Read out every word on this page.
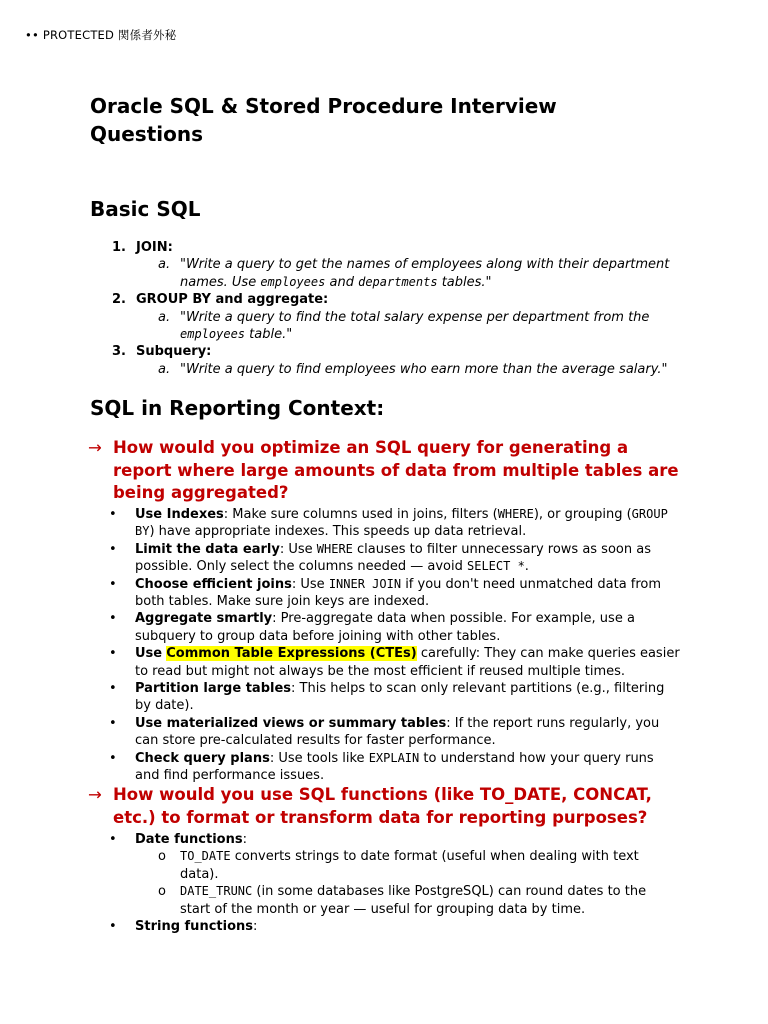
•• PROTECTED 関係者外秘
Oracle SQL & Stored Procedure Interview Questions
Basic SQL
1. JOIN:
a. "Write a query to get the names of employees along with their department names. Use employees and departments tables."
2. GROUP BY and aggregate:
a. "Write a query to find the total salary expense per department from the employees table."
3. Subquery:
a. "Write a query to find employees who earn more than the average salary."
SQL in Reporting Context:
→ How would you optimize an SQL query for generating a report where large amounts of data from multiple tables are being aggregated?
• Use Indexes: Make sure columns used in joins, filters (WHERE), or grouping (GROUP BY) have appropriate indexes. This speeds up data retrieval.
• Limit the data early: Use WHERE clauses to filter unnecessary rows as soon as possible. Only select the columns needed — avoid SELECT *.
• Choose efficient joins: Use INNER JOIN if you don't need unmatched data from both tables. Make sure join keys are indexed.
• Aggregate smartly: Pre-aggregate data when possible. For example, use a subquery to group data before joining with other tables.
• Use Common Table Expressions (CTEs) carefully: They can make queries easier to read but might not always be the most efficient if reused multiple times.
• Partition large tables: This helps to scan only relevant partitions (e.g., filtering by date).
• Use materialized views or summary tables: If the report runs regularly, you can store pre-calculated results for faster performance.
• Check query plans: Use tools like EXPLAIN to understand how your query runs and find performance issues.
→ How would you use SQL functions (like TO_DATE, CONCAT, etc.) to format or transform data for reporting purposes?
• Date functions:
o TO_DATE converts strings to date format (useful when dealing with text data).
o DATE_TRUNC (in some databases like PostgreSQL) can round dates to the start of the month or year — useful for grouping data by time.
• String functions:
